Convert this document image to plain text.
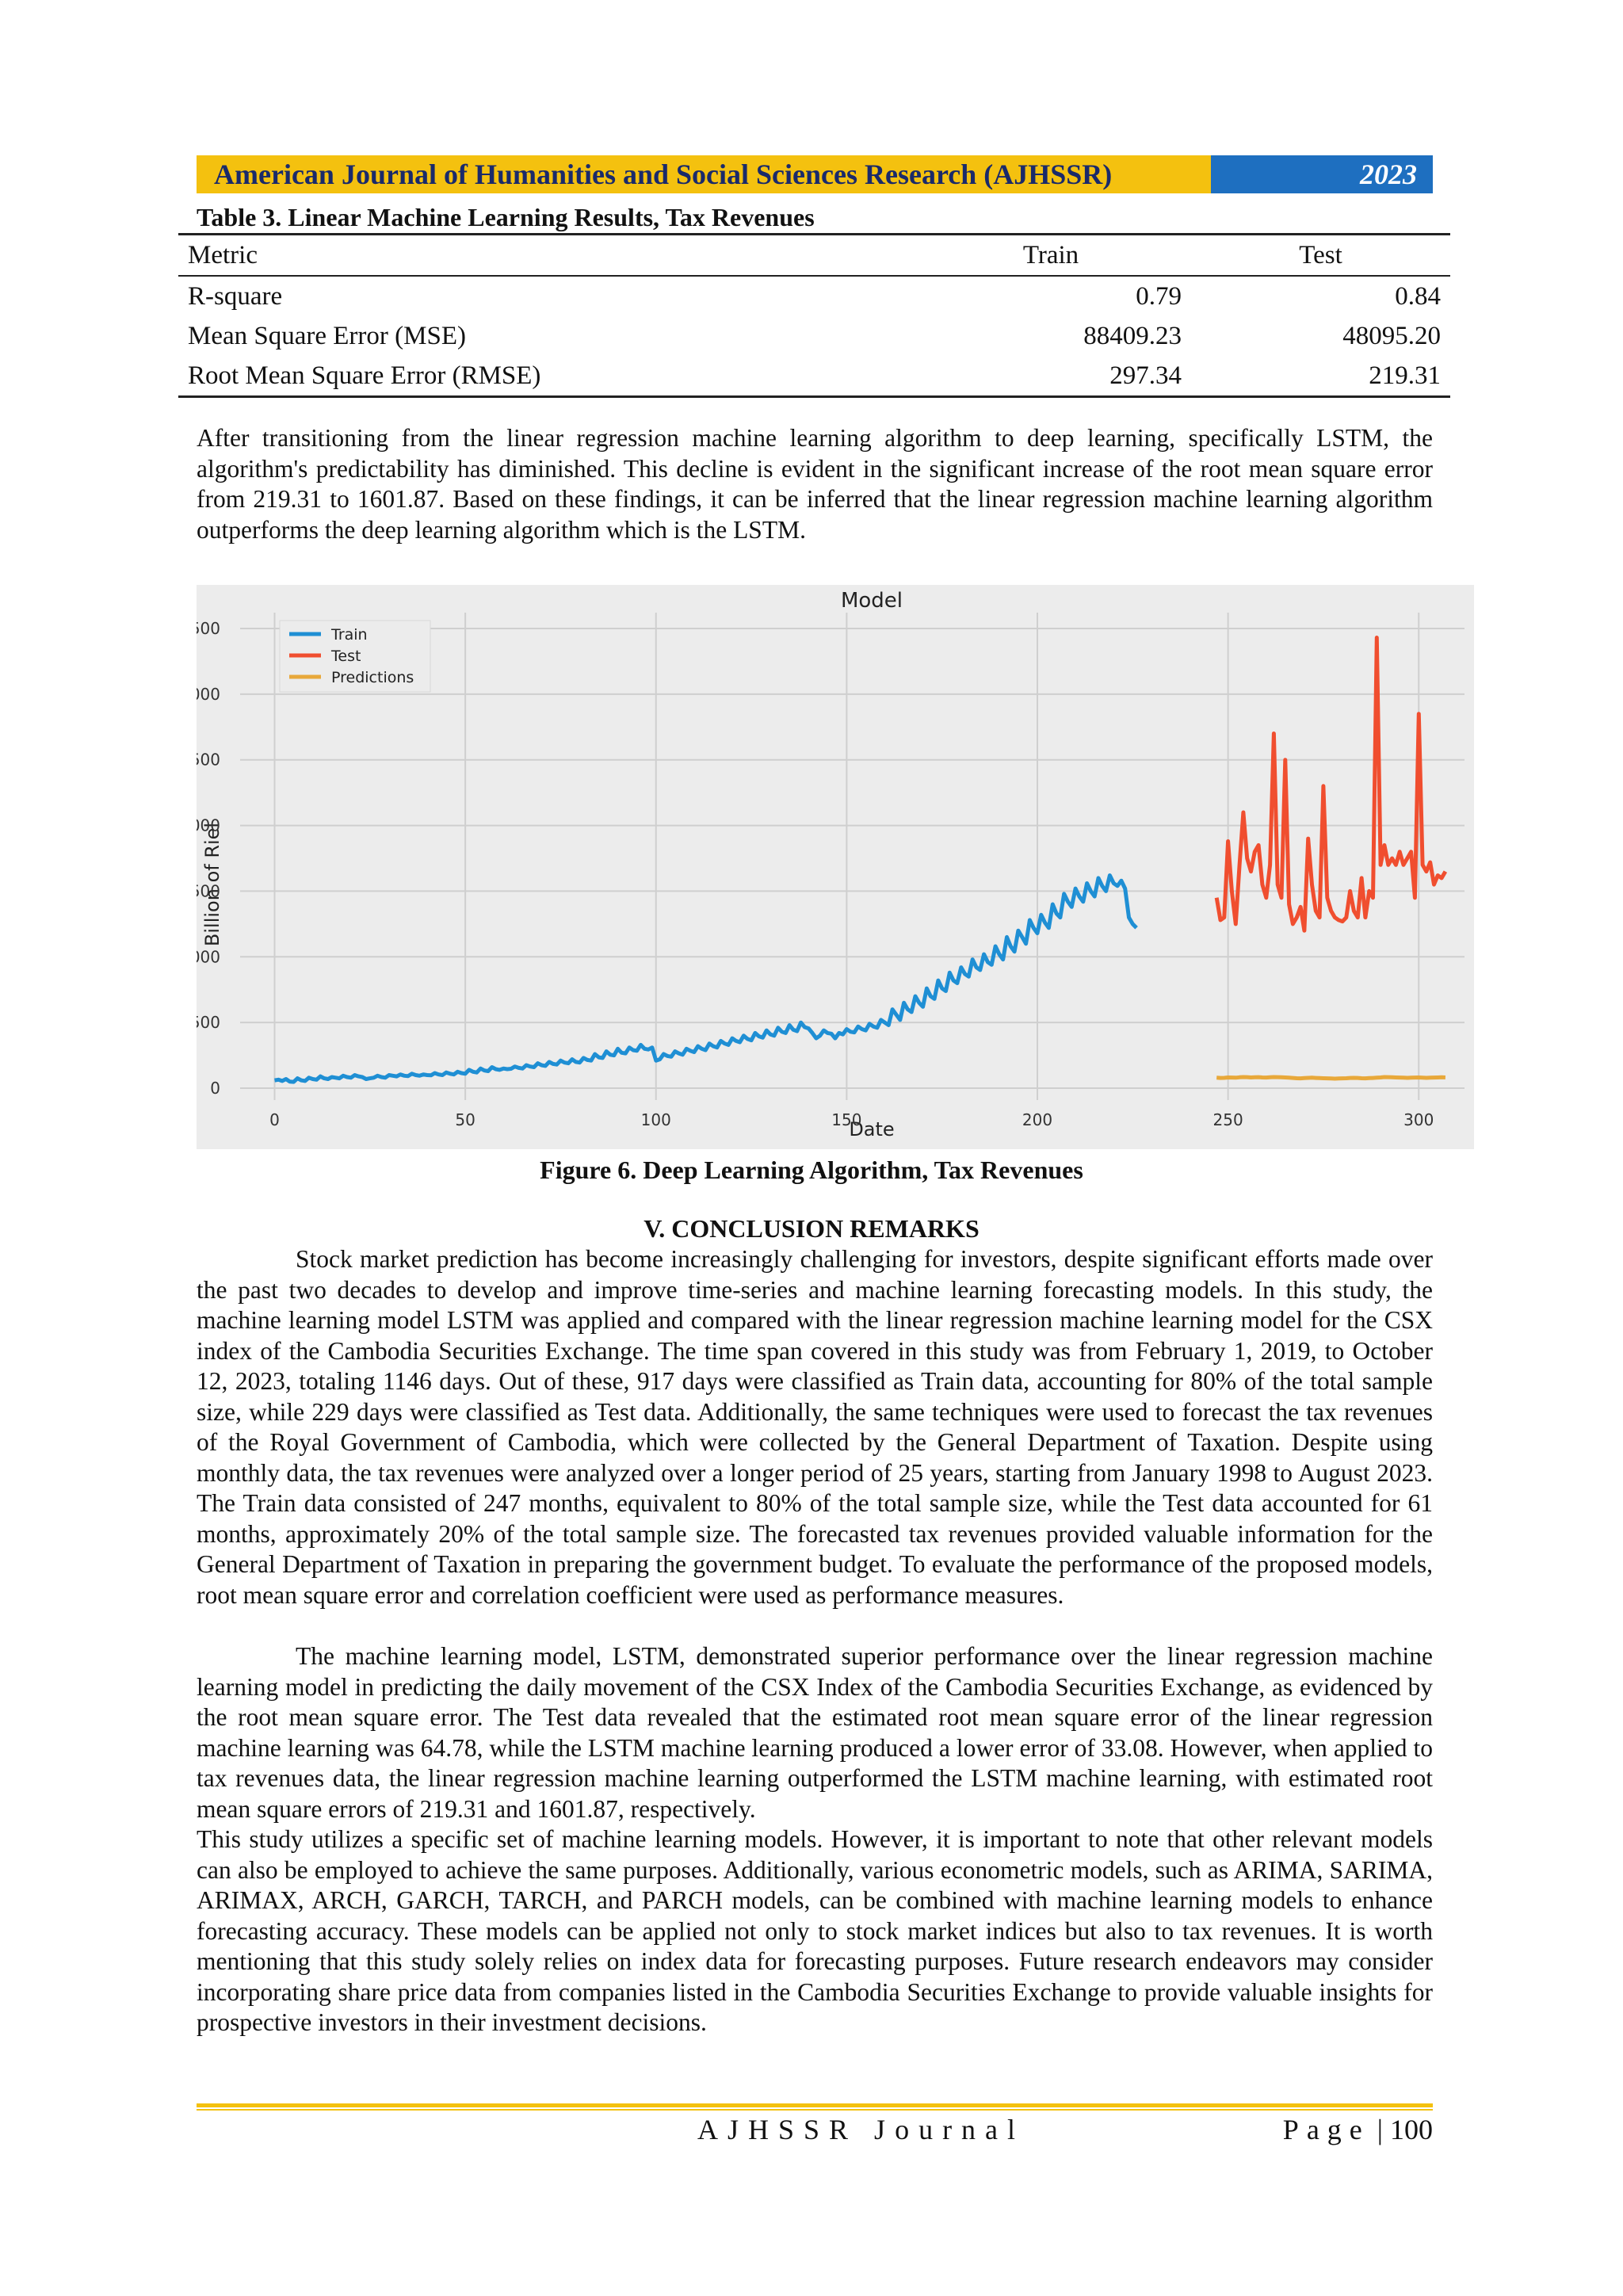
American Journal of Humanities and Social Sciences Research (AJHSSR)	2023
Table 3. Linear Machine Learning Results, Tax Revenues
Metric	Train	Test
R-square	0.79	0.84
Mean Square Error (MSE)	88409.23	48095.20
Root Mean Square Error (RMSE)	297.34	219.31

After transitioning from the linear regression machine learning algorithm to deep learning, specifically LSTM, the algorithm's predictability has diminished. This decline is evident in the significant increase of the root mean square error from 219.31 to 1601.87. Based on these findings, it can be inferred that the linear regression machine learning algorithm outperforms the deep learning algorithm which is the LSTM.

Model
Date
Billion of Riel
0	50	100	150	200	250	300
0
00
00
00
00
00
00
00	Train
Test
Predictions
Figure 6. Deep Learning Algorithm, Tax Revenues
V. CONCLUSION REMARKS

Stock market prediction has become increasingly challenging for investors, despite significant efforts made over the past two decades to develop and improve time-series and machine learning forecasting models. In this study, the machine learning model LSTM was applied and compared with the linear regression machine learning model for the CSX index of the Cambodia Securities Exchange. The time span covered in this study was from February 1, 2019, to October 12, 2023, totaling 1146 days. Out of these, 917 days were classified as Train data, accounting for 80% of the total sample size, while 229 days were classified as Test data. Additionally, the same techniques were used to forecast the tax revenues of the Royal Government of Cambodia, which were collected by the General Department of Taxation. Despite using monthly data, the tax revenues were analyzed over a longer period of 25 years, starting from January 1998 to August 2023. The Train data consisted of 247 months, equivalent to 80% of the total sample size, while the Test data accounted for 61 months, approximately 20% of the total sample size. The forecasted tax revenues provided valuable information for the General Department of Taxation in preparing the government budget. To evaluate the performance of the proposed models, root mean square error and correlation coefficient were used as performance measures.

The machine learning model, LSTM, demonstrated superior performance over the linear regression machine learning model in predicting the daily movement of the CSX Index of the Cambodia Securities Exchange, as evidenced by the root mean square error. The Test data revealed that the estimated root mean square error of the linear regression machine learning was 64.78, while the LSTM machine learning produced a lower error of 33.08. However, when applied to tax revenues data, the linear regression machine learning outperformed the LSTM machine learning, with estimated root mean square errors of 219.31 and 1601.87, respectively.

This study utilizes a specific set of machine learning models. However, it is important to note that other relevant models can also be employed to achieve the same purposes. Additionally, various econometric models, such as ARIMA, SARIMA, ARIMAX, ARCH, GARCH, TARCH, and PARCH models, can be combined with machine learning models to enhance forecasting accuracy. These models can be applied not only to stock market indices but also to tax revenues. It is worth mentioning that this study solely relies on index data for forecasting purposes. Future research endeavors may consider incorporating share price data from companies listed in the Cambodia Securities Exchange to provide valuable insights for prospective investors in their investment decisions.

AJHSSR Journal	Page | 100
